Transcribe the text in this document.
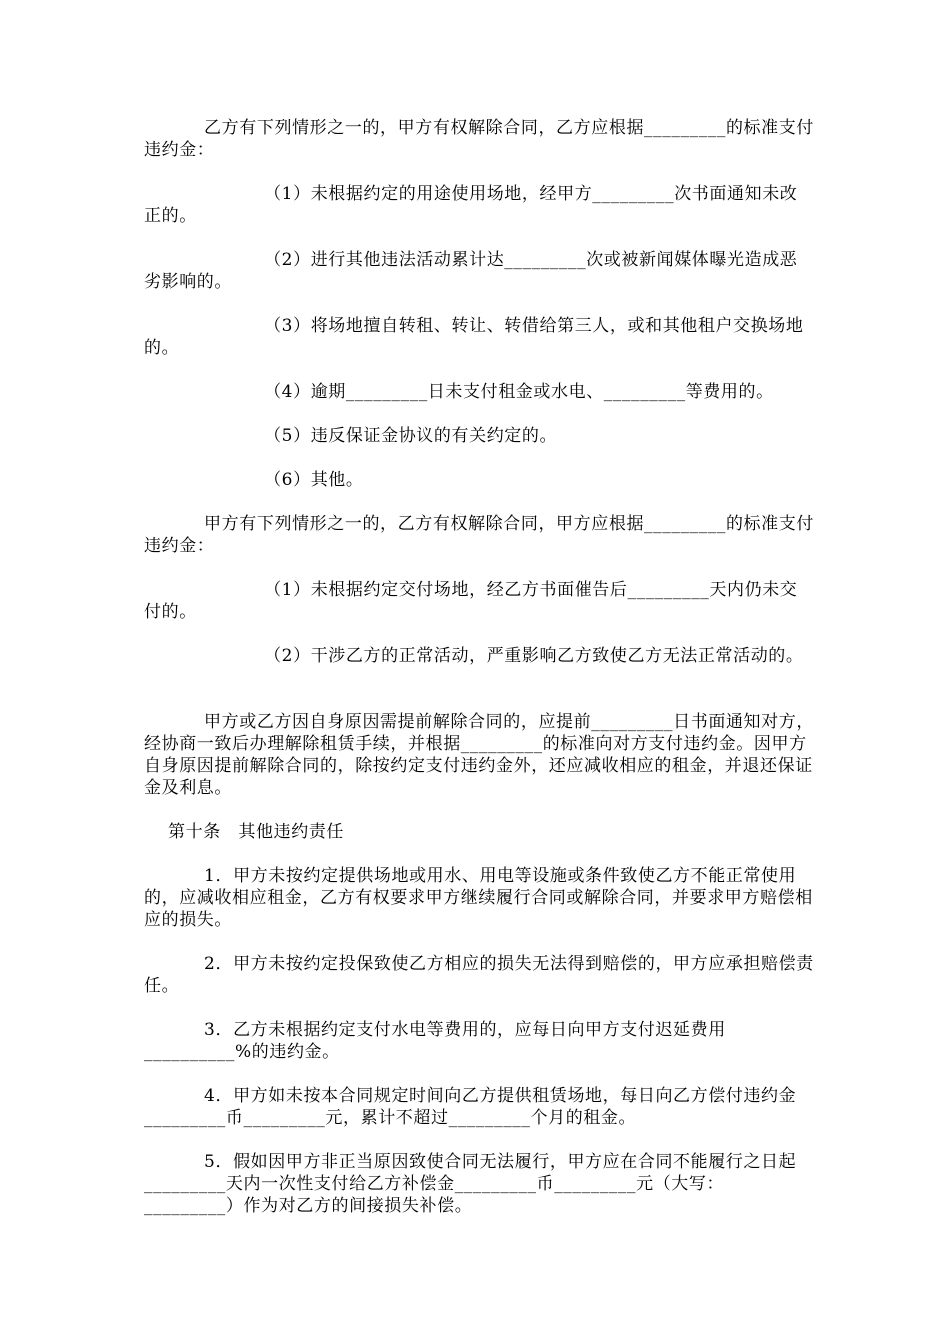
乙方有下列情形之一的，甲方有权解除合同，乙方应根据_________的标准支付违约金：

（1）未根据约定的用途使用场地，经甲方_________次书面通知未改正的。

（2）进行其他违法活动累计达_________次或被新闻媒体曝光造成恶劣影响的。

（3）将场地擅自转租、转让、转借给第三人，或和其他租户交换场地的。

（4）逾期_________日未支付租金或水电、_________等费用的。

（5）违反保证金协议的有关约定的。

（6）其他。

甲方有下列情形之一的，乙方有权解除合同，甲方应根据_________的标准支付违约金：

（1）未根据约定交付场地，经乙方书面催告后_________天内仍未交付的。

（2）干涉乙方的正常活动，严重影响乙方致使乙方无法正常活动的。

甲方或乙方因自身原因需提前解除合同的，应提前_________日书面通知对方，经协商一致后办理解除租赁手续，并根据_________的标准向对方支付违约金。因甲方自身原因提前解除合同的，除按约定支付违约金外，还应减收相应的租金，并退还保证金及利息。

第十条　其他违约责任

1．甲方未按约定提供场地或用水、用电等设施或条件致使乙方不能正常使用的，应减收相应租金，乙方有权要求甲方继续履行合同或解除合同，并要求甲方赔偿相应的损失。

2．甲方未按约定投保致使乙方相应的损失无法得到赔偿的，甲方应承担赔偿责任。

3．乙方未根据约定支付水电等费用的，应每日向甲方支付迟延费用__________%的违约金。

4．甲方如未按本合同规定时间向乙方提供租赁场地，每日向乙方偿付违约金_________币_________元，累计不超过_________个月的租金。

5．假如因甲方非正当原因致使合同无法履行，甲方应在合同不能履行之日起_________天内一次性支付给乙方补偿金_________币_________元（大写：_________）作为对乙方的间接损失补偿。
